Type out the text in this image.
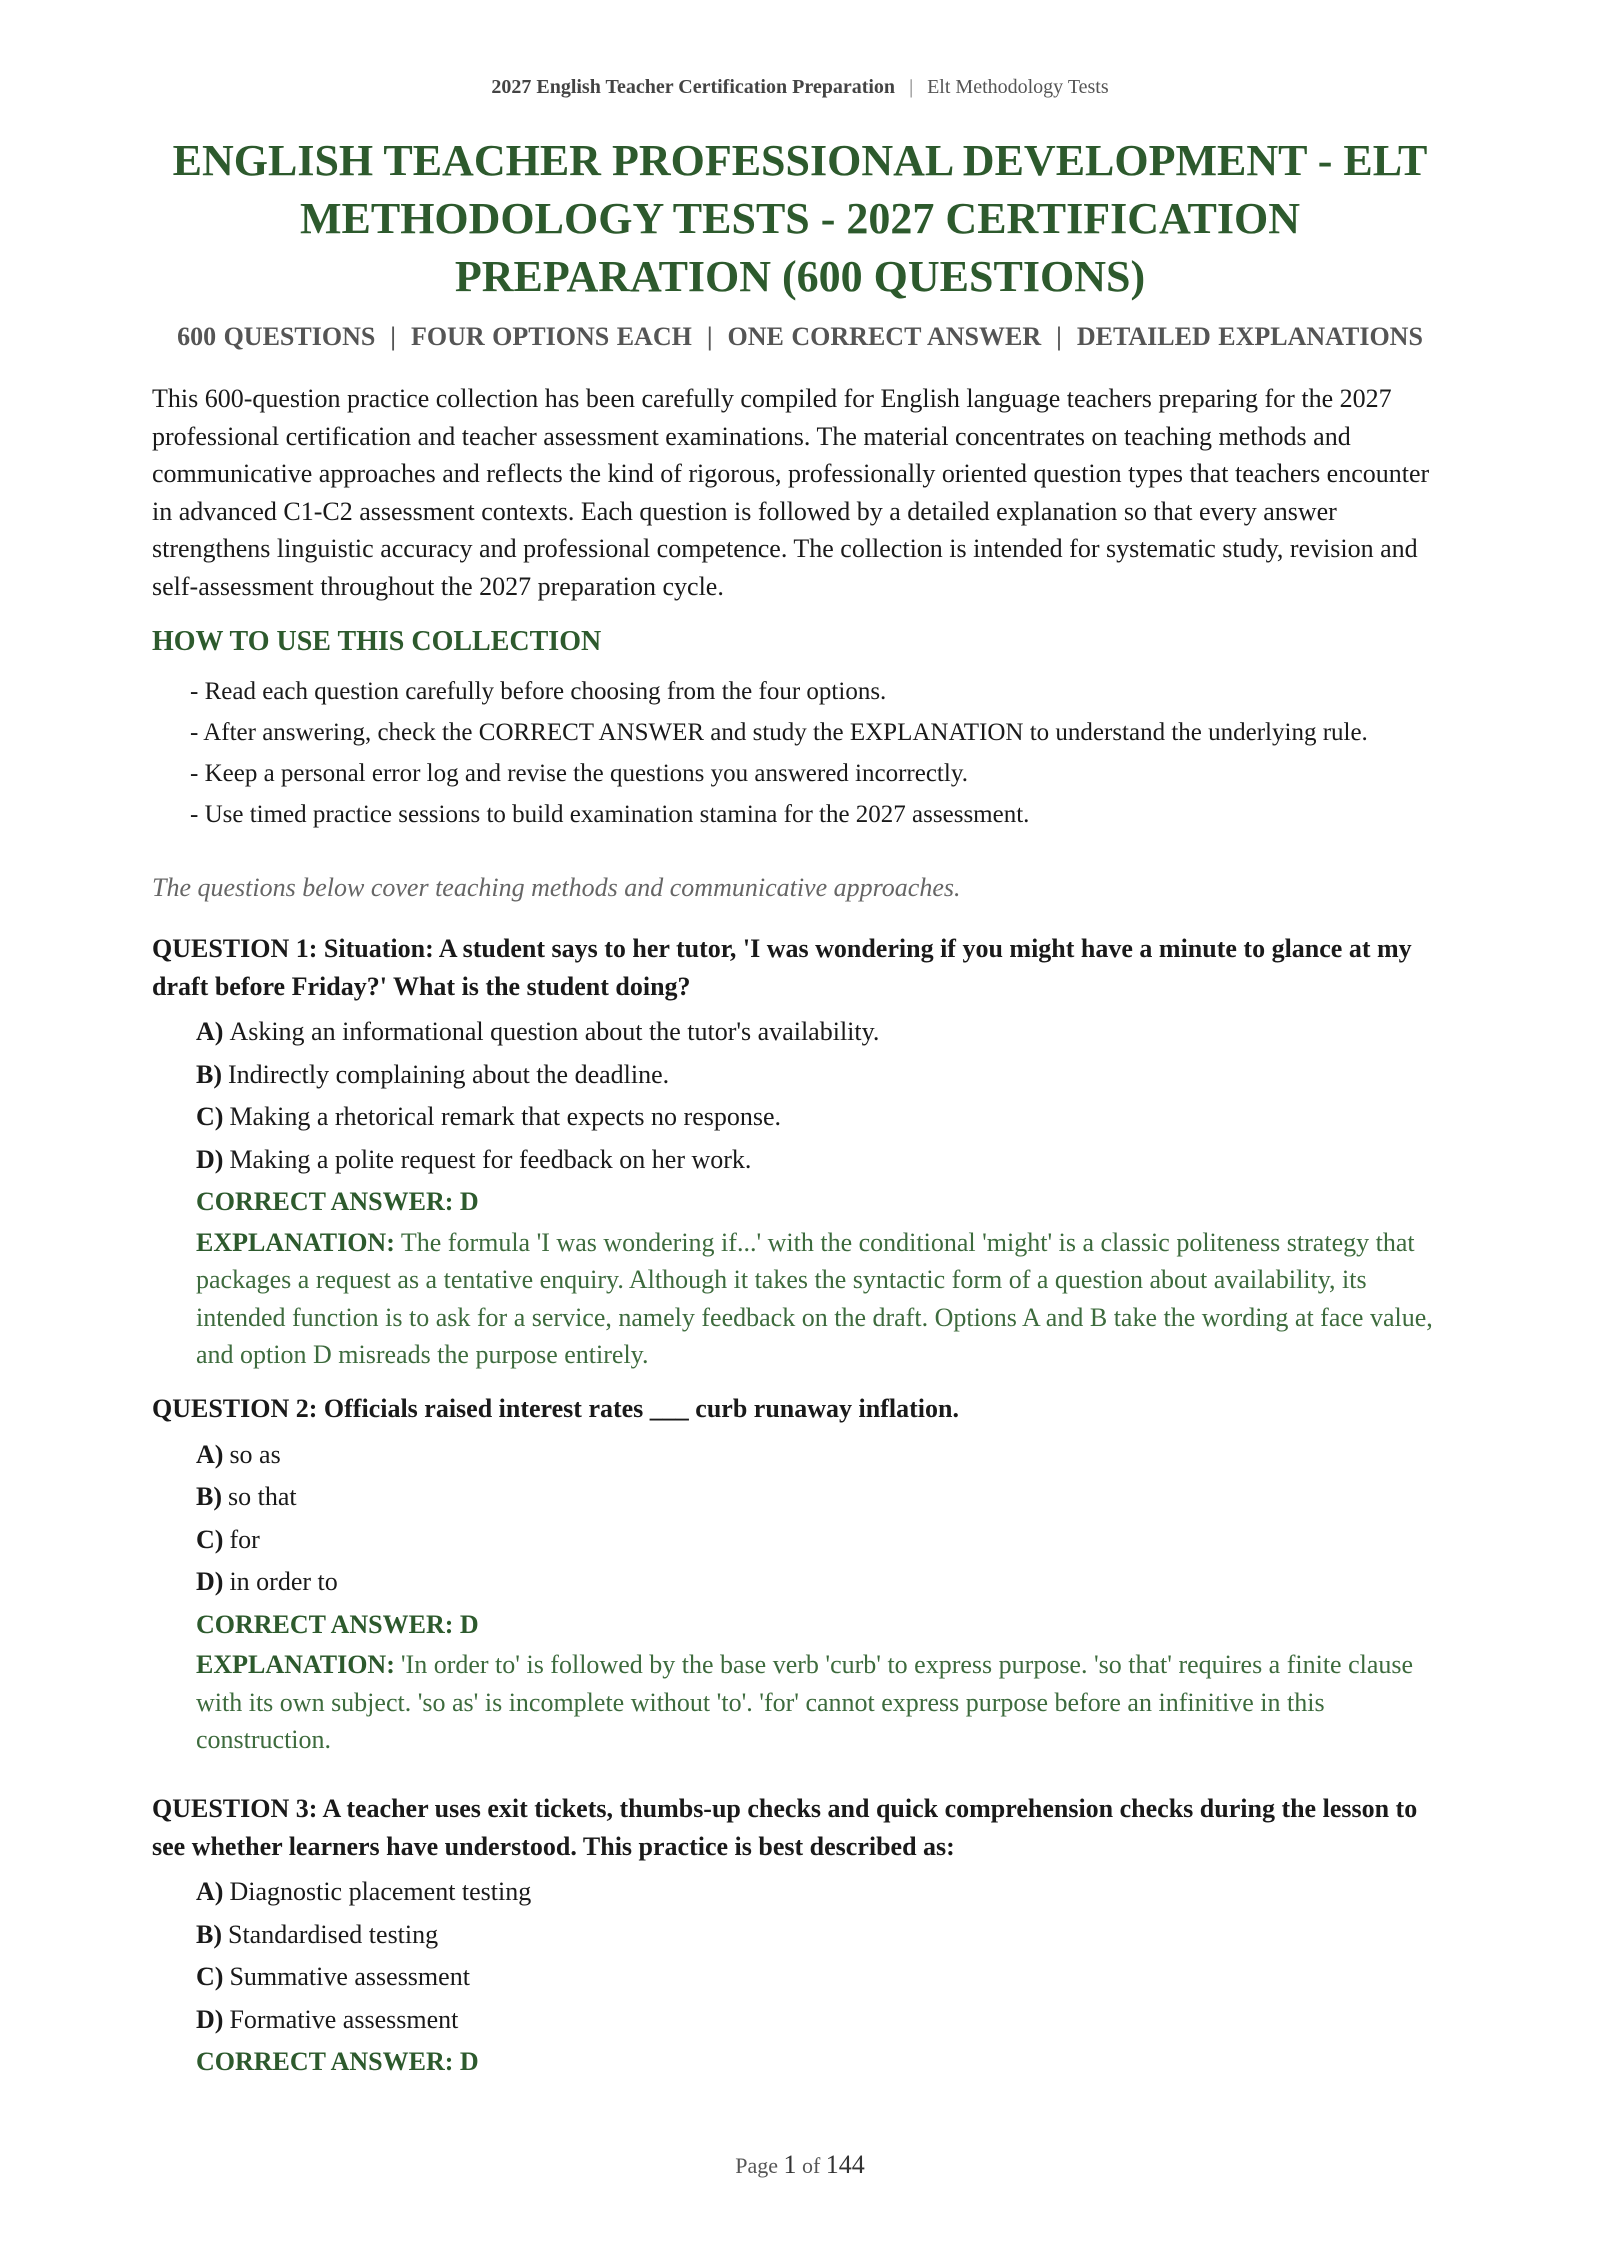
2027 English Teacher Certification Preparation | Elt Methodology Tests
ENGLISH TEACHER PROFESSIONAL DEVELOPMENT - ELT
METHODOLOGY TESTS - 2027 CERTIFICATION
PREPARATION (600 QUESTIONS)
600 QUESTIONS  |  FOUR OPTIONS EACH  |  ONE CORRECT ANSWER  |  DETAILED EXPLANATIONS

This 600-question practice collection has been carefully compiled for English language teachers preparing for the 2027 professional certification and teacher assessment examinations. The material concentrates on teaching methods and communicative approaches and reflects the kind of rigorous, professionally oriented question types that teachers encounter in advanced C1-C2 assessment contexts. Each question is followed by a detailed explanation so that every answer strengthens linguistic accuracy and professional competence. The collection is intended for systematic study, revision and self-assessment throughout the 2027 preparation cycle.

HOW TO USE THIS COLLECTION
- Read each question carefully before choosing from the four options.
- After answering, check the CORRECT ANSWER and study the EXPLANATION to understand the underlying rule.
- Keep a personal error log and revise the questions you answered incorrectly.
- Use timed practice sessions to build examination stamina for the 2027 assessment.
The questions below cover teaching methods and communicative approaches.

QUESTION 1: Situation: A student says to her tutor, 'I was wondering if you might have a minute to glance at my draft before Friday?' What is the student doing?

A) Asking an informational question about the tutor's availability.
B) Indirectly complaining about the deadline.
C) Making a rhetorical remark that expects no response.
D) Making a polite request for feedback on her work.
CORRECT ANSWER: D
EXPLANATION: The formula 'I was wondering if...' with the conditional 'might' is a classic politeness strategy that packages a request as a tentative enquiry. Although it takes the syntactic form of a question about availability, its intended function is to ask for a service, namely feedback on the draft. Options A and B take the wording at face value, and option D misreads the purpose entirely.

QUESTION 2: Officials raised interest rates ___ curb runaway inflation.

A) so as
B) so that
C) for
D) in order to
CORRECT ANSWER: D
EXPLANATION: 'In order to' is followed by the base verb 'curb' to express purpose. 'so that' requires a finite clause with its own subject. 'so as' is incomplete without 'to'. 'for' cannot express purpose before an infinitive in this construction.

QUESTION 3: A teacher uses exit tickets, thumbs-up checks and quick comprehension checks during the lesson to see whether learners have understood. This practice is best described as:

A) Diagnostic placement testing
B) Standardised testing
C) Summative assessment
D) Formative assessment
CORRECT ANSWER: D
Page 1 of 144
